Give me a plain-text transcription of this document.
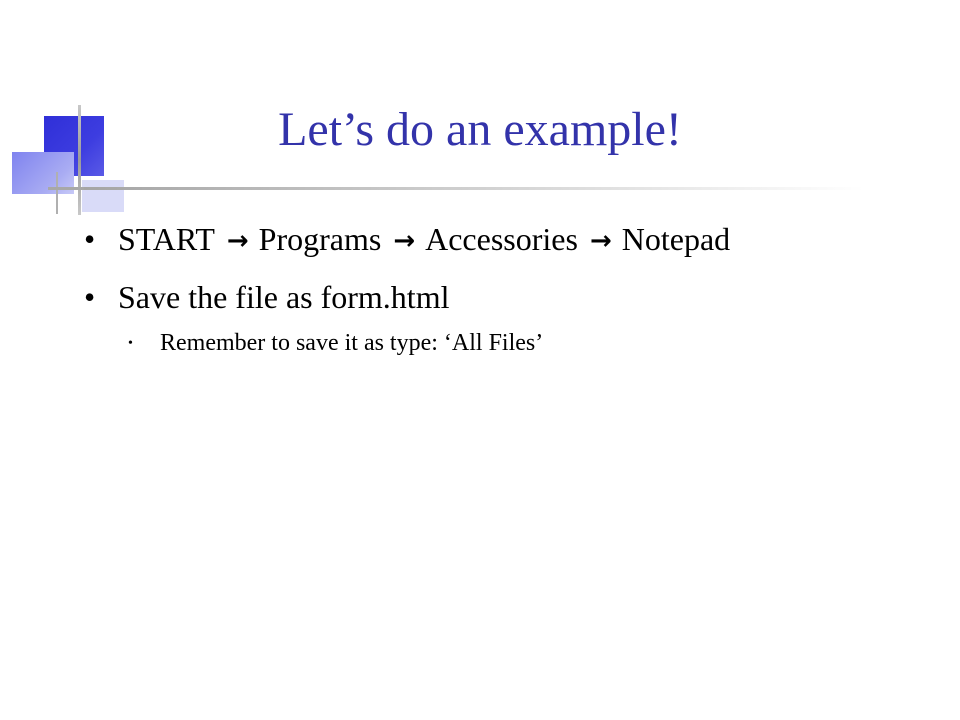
Let’s do an example!
• START → Programs → Accessories → Notepad
• Save the file as form.html
• Remember to save it as type: ‘All Files’
